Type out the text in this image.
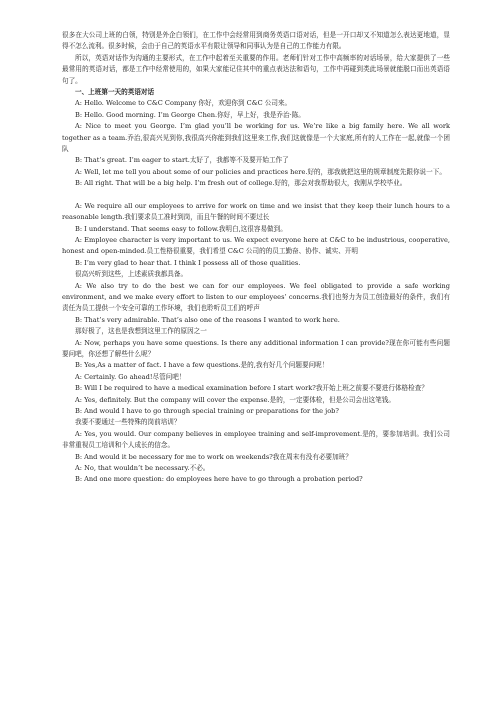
很多在大公司上班的白领，特别是外企白领们，在工作中会经常用到商务英语口语对话，但是一开口却又不知道怎么表达更地道，显得不怎么流利。很多时候，会由于自己的英语水平有限让领导和同事认为是自己的工作能力有限。

所以，英语对话作为沟通的主要形式，在工作中起着至关重要的作用。老师们针对工作中高频率的对话场景，给大家提供了一些最常用的英语对话，都是工作中经常使用的，如果大家能记住其中的重点表达法和语句，工作中再碰到类此场景就能脱口而出英语语句了。

一、上班第一天的英语对话

A: Hello. Welcome to C&C Company 你好，欢迎你到 C&C 公司来。

B: Hello. Good morning. I’m George Chen.你好，早上好，我是乔治·陈。

A: Nice to meet you George. I’m glad you’ll be working for us. We’re like a big family here. We all work together as a team.乔治,很高兴见到你,我很高兴你能到我们这里来工作,我们这就像是一个大家庭,所有的人工作在一起,就像一个团队

B: That’s great. I’m eager to start.太好了，我都等不及要开始工作了

A: Well, let me tell you about some of our policies and practices here.好的，那我就把这里的规章制度先跟你说一下。

B: All right. That will be a big help. I’m fresh out of college.好的，那会对我帮助很大，我刚从学校毕业。

A: We require all our employees to arrive for work on time and we insist that they keep their lunch hours to a reasonable length.我们要求员工准时到岗，而且午餐的时间不要过长

B: I understand. That seems easy to follow.我明白,这很容易做到。

A: Employee character is very important to us. We expect everyone here at C&C to be industrious, cooperative, honest and open-minded.员工性格很重要，我们希望 C&C 公司的的员工勤奋、协作、诚实、开明

B: I’m very glad to hear that. I think I possess all of those qualities.

很高兴听到这些，上述素质我都具备。

A: We also try to do the best we can for our employees. We feel obligated to provide a safe working environment, and we make every effort to listen to our employees’ concerns.我们也努力为员工创造最好的条件，我们有责任为员工提供一个安全可靠的工作环境，我们也聆听员工们的呼声

B: That’s very admirable. That’s also one of the reasons I wanted to work here.

那好极了，这也是我想到这里工作的原因之一

A: Now, perhaps you have some questions. Is there any additional information I can provide?现在你可能有些问题要问吧，你还想了解些什么呢？

B: Yes,As a matter of fact. I have a few questions.是的,我有好几个问题要问呢！

A: Certainly. Go ahead!尽管问吧！

B: Will I be required to have a medical examination before I start work?我开始上班之前要不要进行体格检查？

A: Yes, definitely. But the company will cover the expense.是的，一定要体检，但是公司会出这笔钱。

B: And would I have to go through special training or preparations for the job?

我要不要通过一些特殊的岗前培训？

A: Yes, you would. Our company believes in employee training and self-improvement.是的，要参加培训。我们公司非常重视员工培训和个人成长的信念。

B: And would it be necessary for me to work on weekends?我在周末有没有必要加班？

A: No, that wouldn’t be necessary.不必。

B: And one more question: do employees here have to go through a probation period?
